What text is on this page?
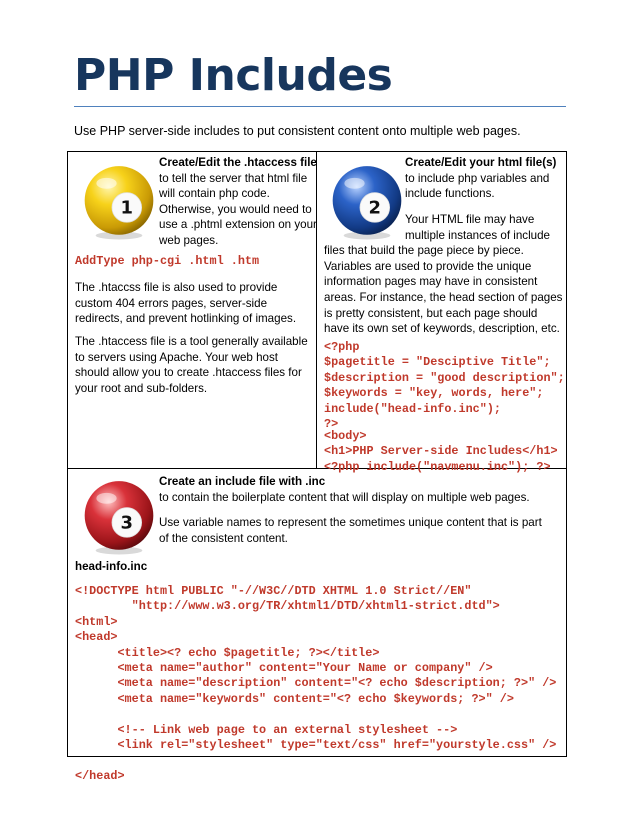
PHP Includes
Use PHP server-side includes to put consistent content onto multiple web pages.
1
Create/Edit the .htaccess file
to tell the server that html file
will contain php code.
Otherwise, you would need to
use a .phtml extension on your
web pages.
AddType php-cgi .html .htm
The .htaccss file is also used to provide custom 404 errors pages, server-side redirects, and prevent hotlinking of images.
The .htaccess file is a tool generally available to servers using Apache. Your web host should allow you to create .htaccess files for your root and sub-folders.
2
Create/Edit your html file(s)
to include php variables and
include functions.
Your HTML file may have
multiple instances of include
files that build the page piece by piece. Variables are used to provide the unique information pages may have in consistent areas. For instance, the head section of pages is pretty consistent, but each page should have its own set of keywords, description, etc.
<?php
$pagetitle = "Desciptive Title";
$description = "good description";
$keywords = "key, words, here";
include("head-info.inc");
?>
<body>
<h1>PHP Server-side Includes</h1>
<?php include("navmenu.inc"); ?>
3
Create an include file with .inc
to contain the boilerplate content that will display on multiple web pages.
Use variable names to represent the sometimes unique content that is part of the consistent content.
head-info.inc
<!DOCTYPE html PUBLIC "-//W3C//DTD XHTML 1.0 Strict//EN"
"http://www.w3.org/TR/xhtml1/DTD/xhtml1-strict.dtd">
<html>
<head>
<title><? echo $pagetitle; ?></title>
<meta name="author" content="Your Name or company" />
<meta name="description" content="<? echo $description; ?>" />
<meta name="keywords" content="<? echo $keywords; ?>" />

<!-- Link web page to an external stylesheet -->
<link rel="stylesheet" type="text/css" href="yourstyle.css" />

</head>
